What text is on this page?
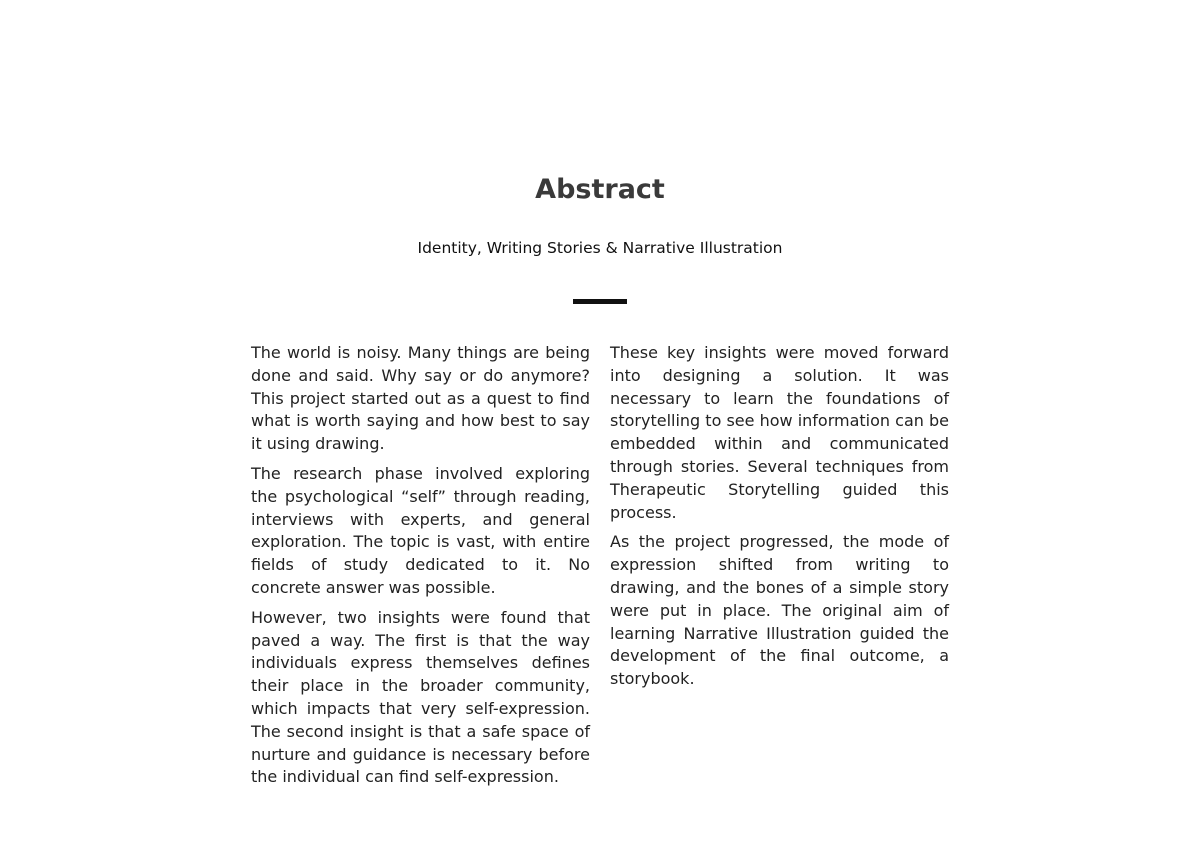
Abstract
Identity, Writing Stories & Narrative Illustration

The world is noisy. Many things are being done and said. Why say or do anymore? This project started out as a quest to find what is worth saying and how best to say it using drawing.

The research phase involved exploring the psychological “self” through reading, interviews with experts, and general exploration. The topic is vast, with entire fields of study dedicated to it. No concrete answer was possible.

However, two insights were found that paved a way. The first is that the way individuals express themselves defines their place in the broader community, which impacts that very self-expression. The second insight is that a safe space of nurture and guidance is necessary before the individual can find self-expression.

These key insights were moved forward into designing a solution. It was necessary to learn the foundations of storytelling to see how information can be embedded within and communicated through stories. Several techniques from Therapeutic Storytelling guided this process.

As the project progressed, the mode of expression shifted from writing to drawing, and the bones of a simple story were put in place. The original aim of learning Narrative Illustration guided the development of the final outcome, a storybook.
